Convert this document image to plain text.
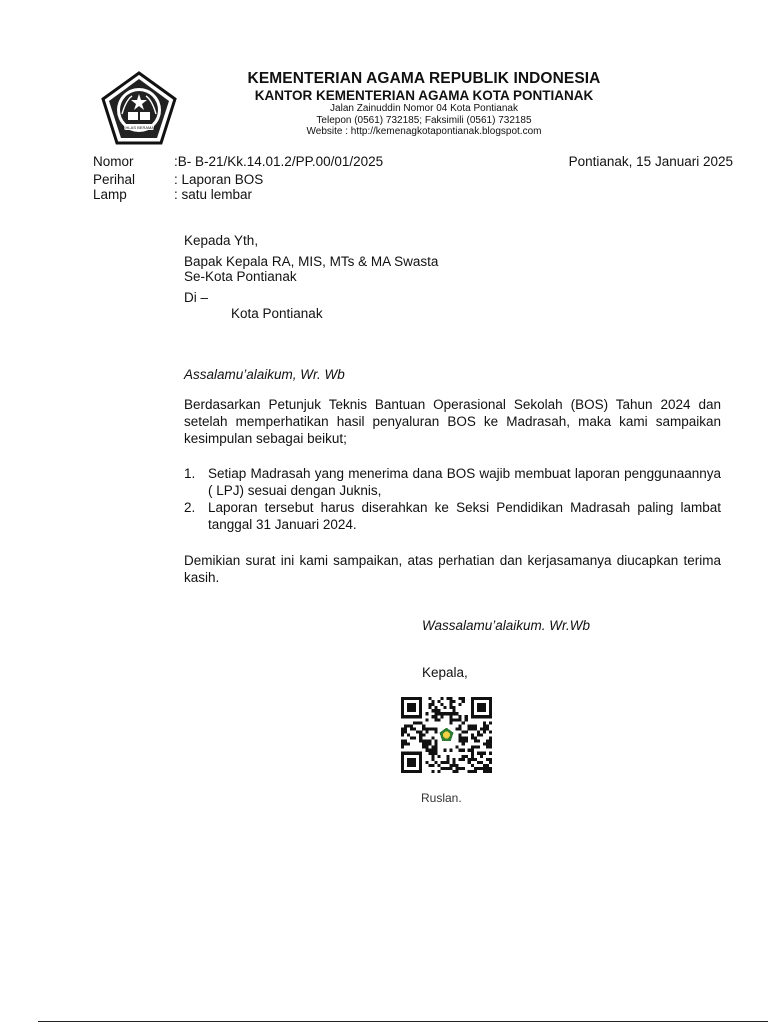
IKHLAS BERAMAL
KEMENTERIAN AGAMA REPUBLIK INDONESIA
KANTOR KEMENTERIAN AGAMA KOTA PONTIANAK
Jalan Zainuddin Nomor 04 Kota Pontianak
Telepon (0561) 732185; Faksimili (0561) 732185
Website : http://kemenagkotapontianak.blogspot.com
Nomor	:B- B-21/Kk.14.01.2/PP.00/01/2025	Pontianak, 15 Januari 2025
Perihal	: Laporan BOS
Lamp	: satu lembar
Kepada Yth,
Bapak Kepala RA, MIS, MTs & MA Swasta
Se-Kota Pontianak
Di –
Kota Pontianak
Assalamu’alaikum, Wr. Wb
Berdasarkan Petunjuk Teknis Bantuan Operasional Sekolah (BOS) Tahun 2024 dan setelah memperhatikan hasil penyaluran BOS ke Madrasah, maka kami sampaikan kesimpulan sebagai beikut;
1. Setiap Madrasah yang menerima dana BOS wajib membuat laporan penggunaannya ( LPJ) sesuai dengan Juknis,
2. Laporan tersebut harus diserahkan ke Seksi Pendidikan Madrasah paling lambat tanggal 31 Januari 2024.
Demikian surat ini kami sampaikan, atas perhatian dan kerjasamanya diucapkan terima kasih.
Wassalamu’alaikum. Wr.Wb
Kepala,
Ruslan.
